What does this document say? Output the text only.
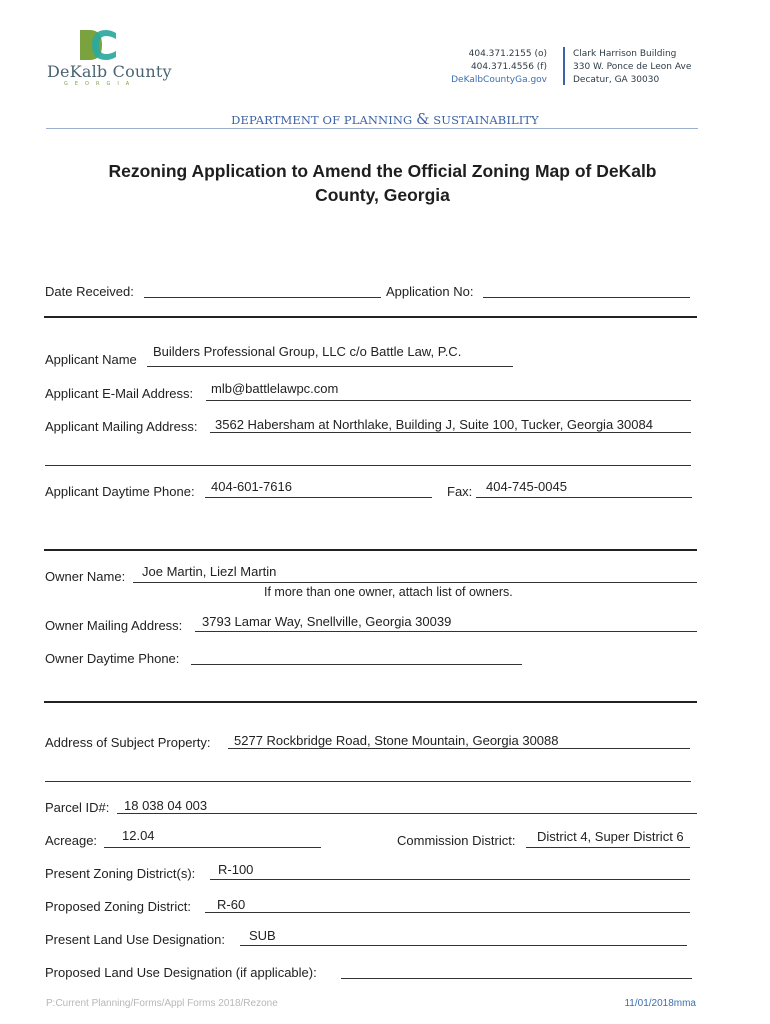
DeKalb County
GEORGIA
404.371.2155 (o)
404.371.4556 (f)
DeKalbCountyGa.gov
Clark Harrison Building
330 W. Ponce de Leon Ave
Decatur, GA 30030
DEPARTMENT OF PLANNING & SUSTAINABILITY
Rezoning Application to Amend the Official Zoning Map of DeKalb County, Georgia
Date Received:	Application No:
Applicant Name
Builders Professional Group, LLC c/o Battle Law, P.C.
Applicant E-Mail Address: mlb@battlelawpc.com
Applicant Mailing Address: 3562 Habersham at Northlake, Building J, Suite 100, Tucker, Georgia 30084
Applicant Daytime Phone: 404-601-7616	Fax: 404-745-0045
Owner Name: Joe Martin, Liezl Martin
If more than one owner, attach list of owners.
Owner Mailing Address: 3793 Lamar Way, Snellville, Georgia 30039
Owner Daytime Phone:
Address of Subject Property: 5277 Rockbridge Road, Stone Mountain, Georgia 30088
Parcel ID#: 18 038 04 003
Acreage: 12.04	Commission District: District 4, Super District 6
Present Zoning District(s): R-100
Proposed Zoning District: R-60
Present Land Use Designation: SUB
Proposed Land Use Designation (if applicable):
P:Current Planning/Forms/Appl Forms 2018/Rezone	11/01/2018mma
